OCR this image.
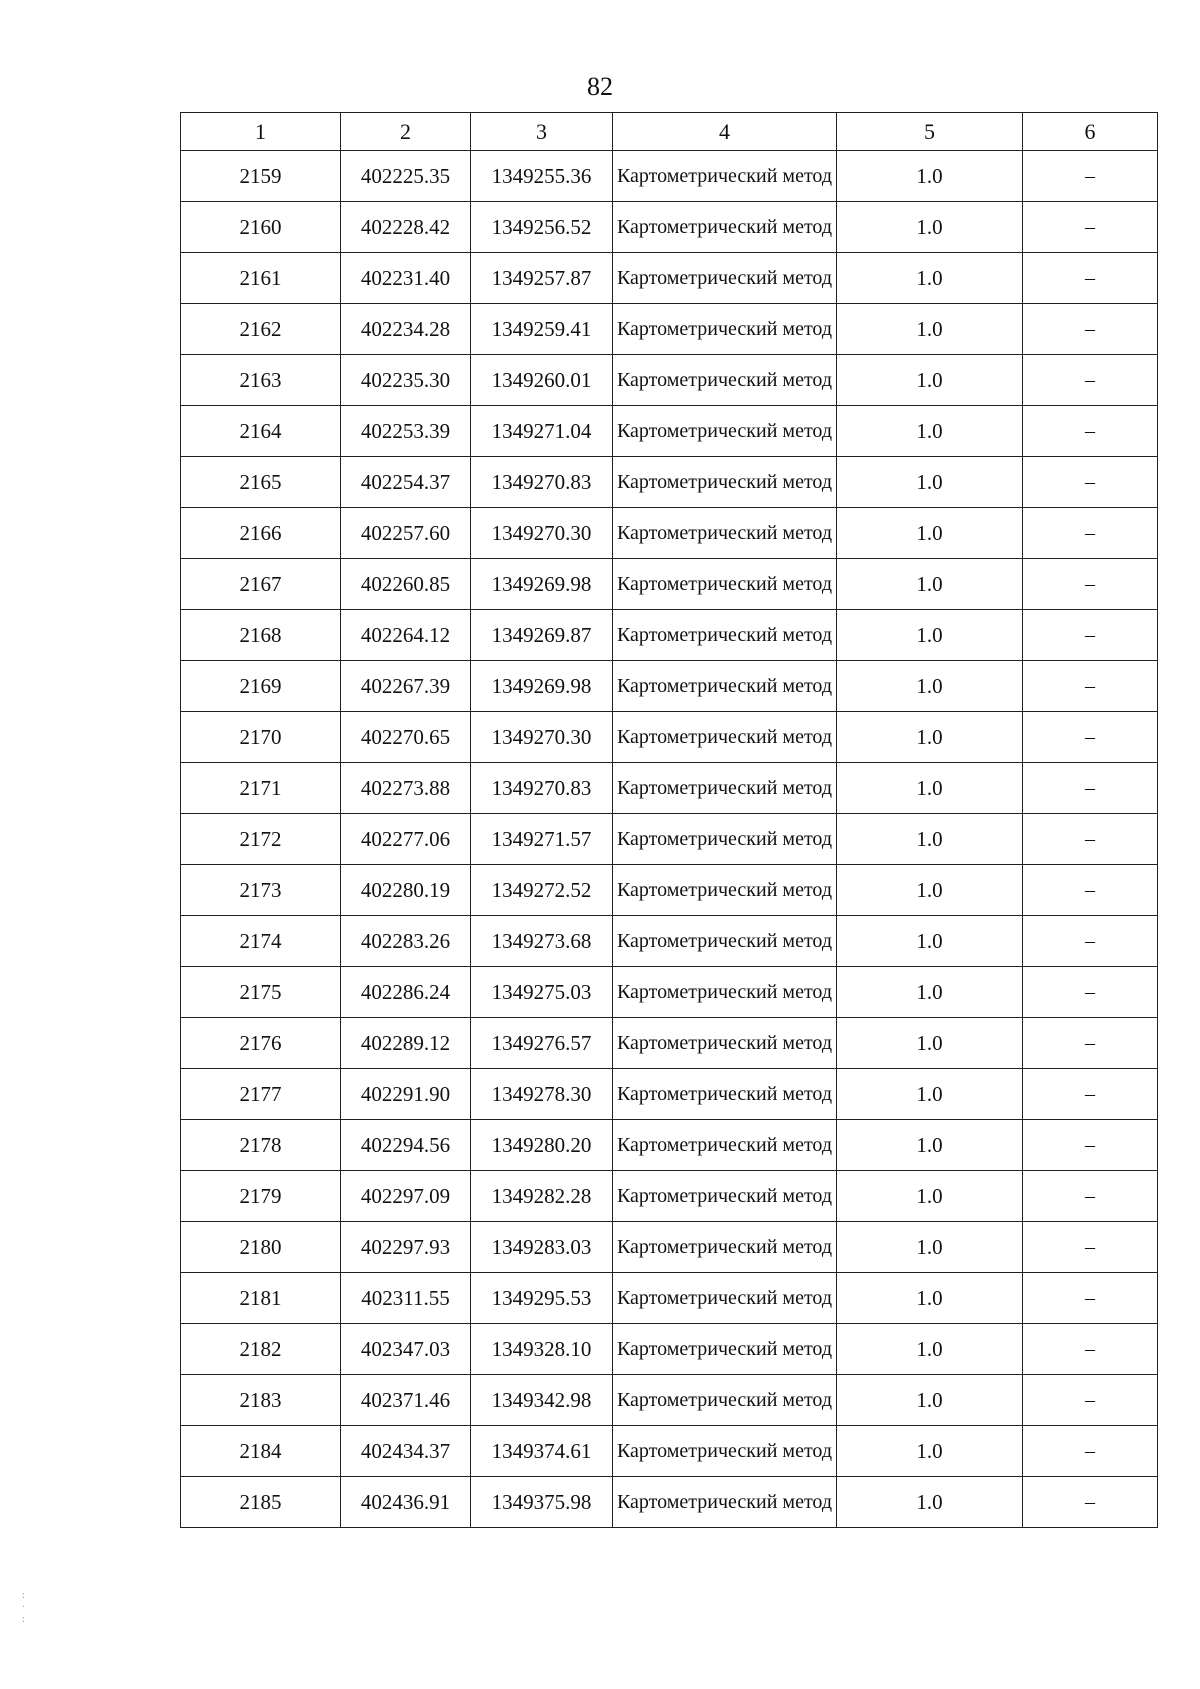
82
1	2	3	4	5	6
2159	402225.35	1349255.36	Картометрический метод	1.0	–
2160	402228.42	1349256.52	Картометрический метод	1.0	–
2161	402231.40	1349257.87	Картометрический метод	1.0	–
2162	402234.28	1349259.41	Картометрический метод	1.0	–
2163	402235.30	1349260.01	Картометрический метод	1.0	–
2164	402253.39	1349271.04	Картометрический метод	1.0	–
2165	402254.37	1349270.83	Картометрический метод	1.0	–
2166	402257.60	1349270.30	Картометрический метод	1.0	–
2167	402260.85	1349269.98	Картометрический метод	1.0	–
2168	402264.12	1349269.87	Картометрический метод	1.0	–
2169	402267.39	1349269.98	Картометрический метод	1.0	–
2170	402270.65	1349270.30	Картометрический метод	1.0	–
2171	402273.88	1349270.83	Картометрический метод	1.0	–
2172	402277.06	1349271.57	Картометрический метод	1.0	–
2173	402280.19	1349272.52	Картометрический метод	1.0	–
2174	402283.26	1349273.68	Картометрический метод	1.0	–
2175	402286.24	1349275.03	Картометрический метод	1.0	–
2176	402289.12	1349276.57	Картометрический метод	1.0	–
2177	402291.90	1349278.30	Картометрический метод	1.0	–
2178	402294.56	1349280.20	Картометрический метод	1.0	–
2179	402297.09	1349282.28	Картометрический метод	1.0	–
2180	402297.93	1349283.03	Картометрический метод	1.0	–
2181	402311.55	1349295.53	Картометрический метод	1.0	–
2182	402347.03	1349328.10	Картометрический метод	1.0	–
2183	402371.46	1349342.98	Картометрический метод	1.0	–
2184	402434.37	1349374.61	Картометрический метод	1.0	–
2185	402436.91	1349375.98	Картометрический метод	1.0	–
:
·
:
